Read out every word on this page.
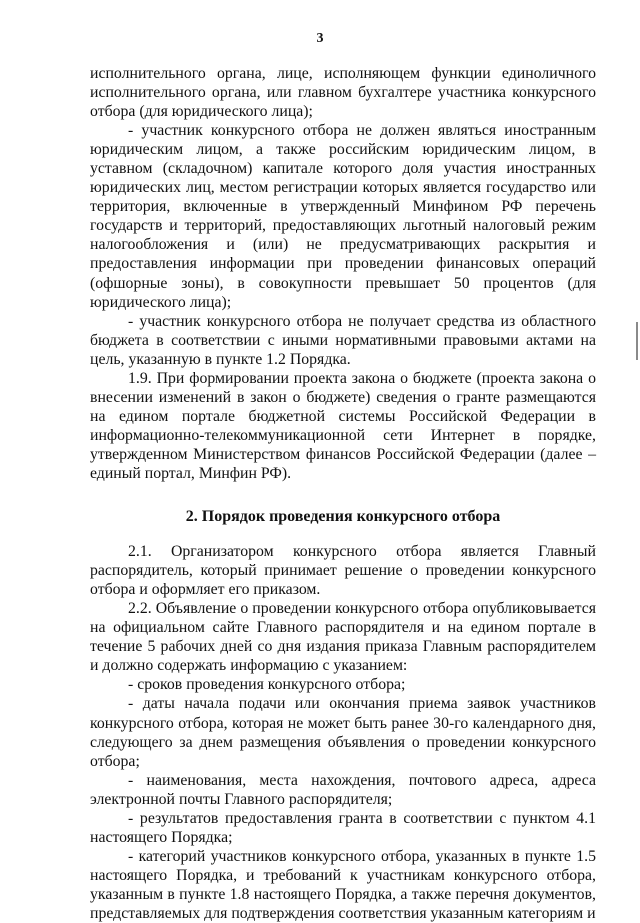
3

исполнительного органа, лице, исполняющем функции единоличного исполнительного органа, или главном бухгалтере участника конкурсного отбора (для юридического лица);

- участник конкурсного отбора не должен являться иностранным юридическим лицом, а также российским юридическим лицом, в уставном (складочном) капитале которого доля участия иностранных юридических лиц, местом регистрации которых является государство или территория, включенные в утвержденный Минфином РФ перечень государств и территорий, предоставляющих льготный налоговый режим налогообложения и (или) не предусматривающих раскрытия и предоставления информации при проведении финансовых операций (офшорные зоны), в совокупности превышает 50 процентов (для юридического лица);

- участник конкурсного отбора не получает средства из областного бюджета в соответствии с иными нормативными правовыми актами на цель, указанную в пункте 1.2 Порядка.

1.9. При формировании проекта закона о бюджете (проекта закона о внесении изменений в закон о бюджете) сведения о гранте размещаются на едином портале бюджетной системы Российской Федерации в информационно-телекоммуникационной сети Интернет в порядке, утвержденном Министерством финансов Российской Федерации (далее – единый портал, Минфин РФ).

2. Порядок проведения конкурсного отбора

2.1. Организатором конкурсного отбора является Главный распорядитель, который принимает решение о проведении конкурсного отбора и оформляет его приказом.

2.2. Объявление о проведении конкурсного отбора опубликовывается на официальном сайте Главного распорядителя и на едином портале в течение 5 рабочих дней со дня издания приказа Главным распорядителем и должно содержать информацию с указанием:

- сроков проведения конкурсного отбора;

- даты начала подачи или окончания приема заявок участников конкурсного отбора, которая не может быть ранее 30-го календарного дня, следующего за днем размещения объявления о проведении конкурсного отбора;

- наименования, места нахождения, почтового адреса, адреса электронной почты Главного распорядителя;

- результатов предоставления гранта в соответствии с пунктом 4.1 настоящего Порядка;

- категорий участников конкурсного отбора, указанных в пункте 1.5 настоящего Порядка, и требований к участникам конкурсного отбора, указанным в пункте 1.8 настоящего Порядка, а также перечня документов, представляемых для подтверждения соответствия указанным категориям и
